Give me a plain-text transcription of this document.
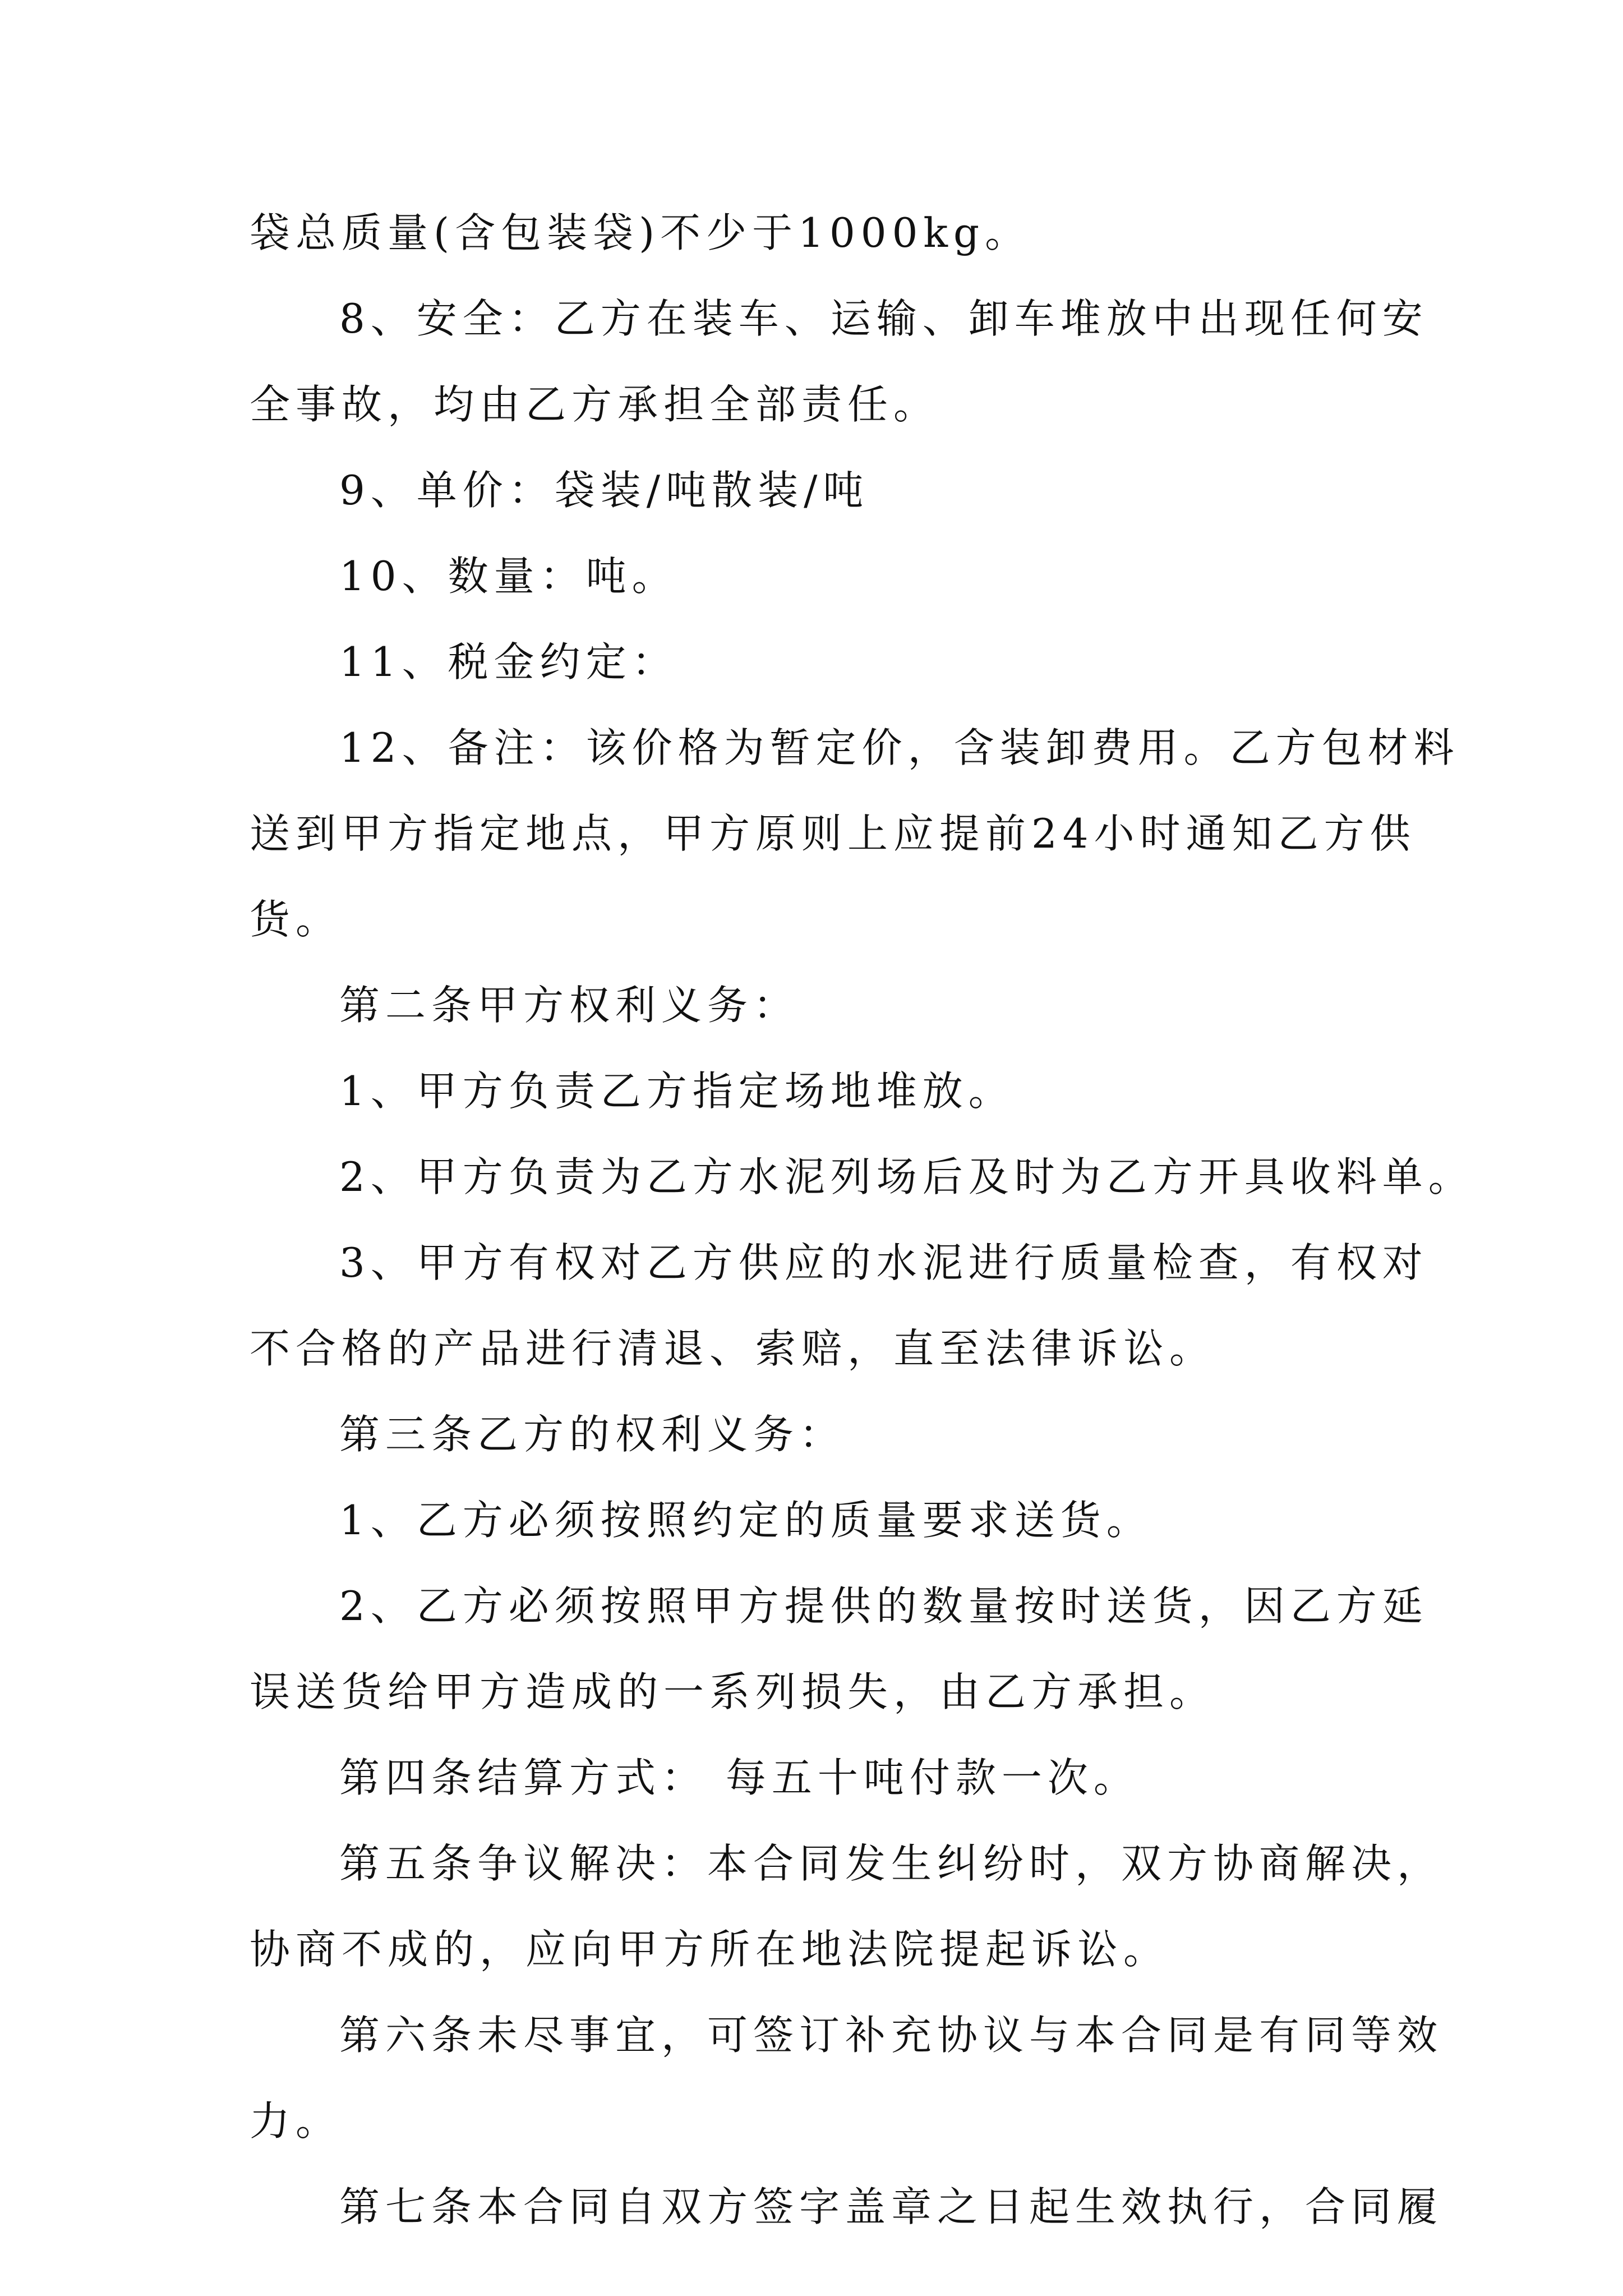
袋总质量(含包装袋)不少于1000kg。
8、安全：乙方在装车、运输、卸车堆放中出现任何安
全事故，均由乙方承担全部责任。
9、单价：袋装/吨散装/吨
10、数量：吨。
11、税金约定：
12、备注：该价格为暂定价，含装卸费用。乙方包材料
送到甲方指定地点，甲方原则上应提前24小时通知乙方供
货。
第二条甲方权利义务：
1、甲方负责乙方指定场地堆放。
2、甲方负责为乙方水泥列场后及时为乙方开具收料单。
3、甲方有权对乙方供应的水泥进行质量检查，有权对
不合格的产品进行清退、索赔，直至法律诉讼。
第三条乙方的权利义务：
1、乙方必须按照约定的质量要求送货。
2、乙方必须按照甲方提供的数量按时送货，因乙方延
误送货给甲方造成的一系列损失，由乙方承担。
第四条结算方式： 每五十吨付款一次。
第五条争议解决：本合同发生纠纷时，双方协商解决，
协商不成的，应向甲方所在地法院提起诉讼。
第六条未尽事宜，可签订补充协议与本合同是有同等效
力。
第七条本合同自双方签字盖章之日起生效执行，合同履
